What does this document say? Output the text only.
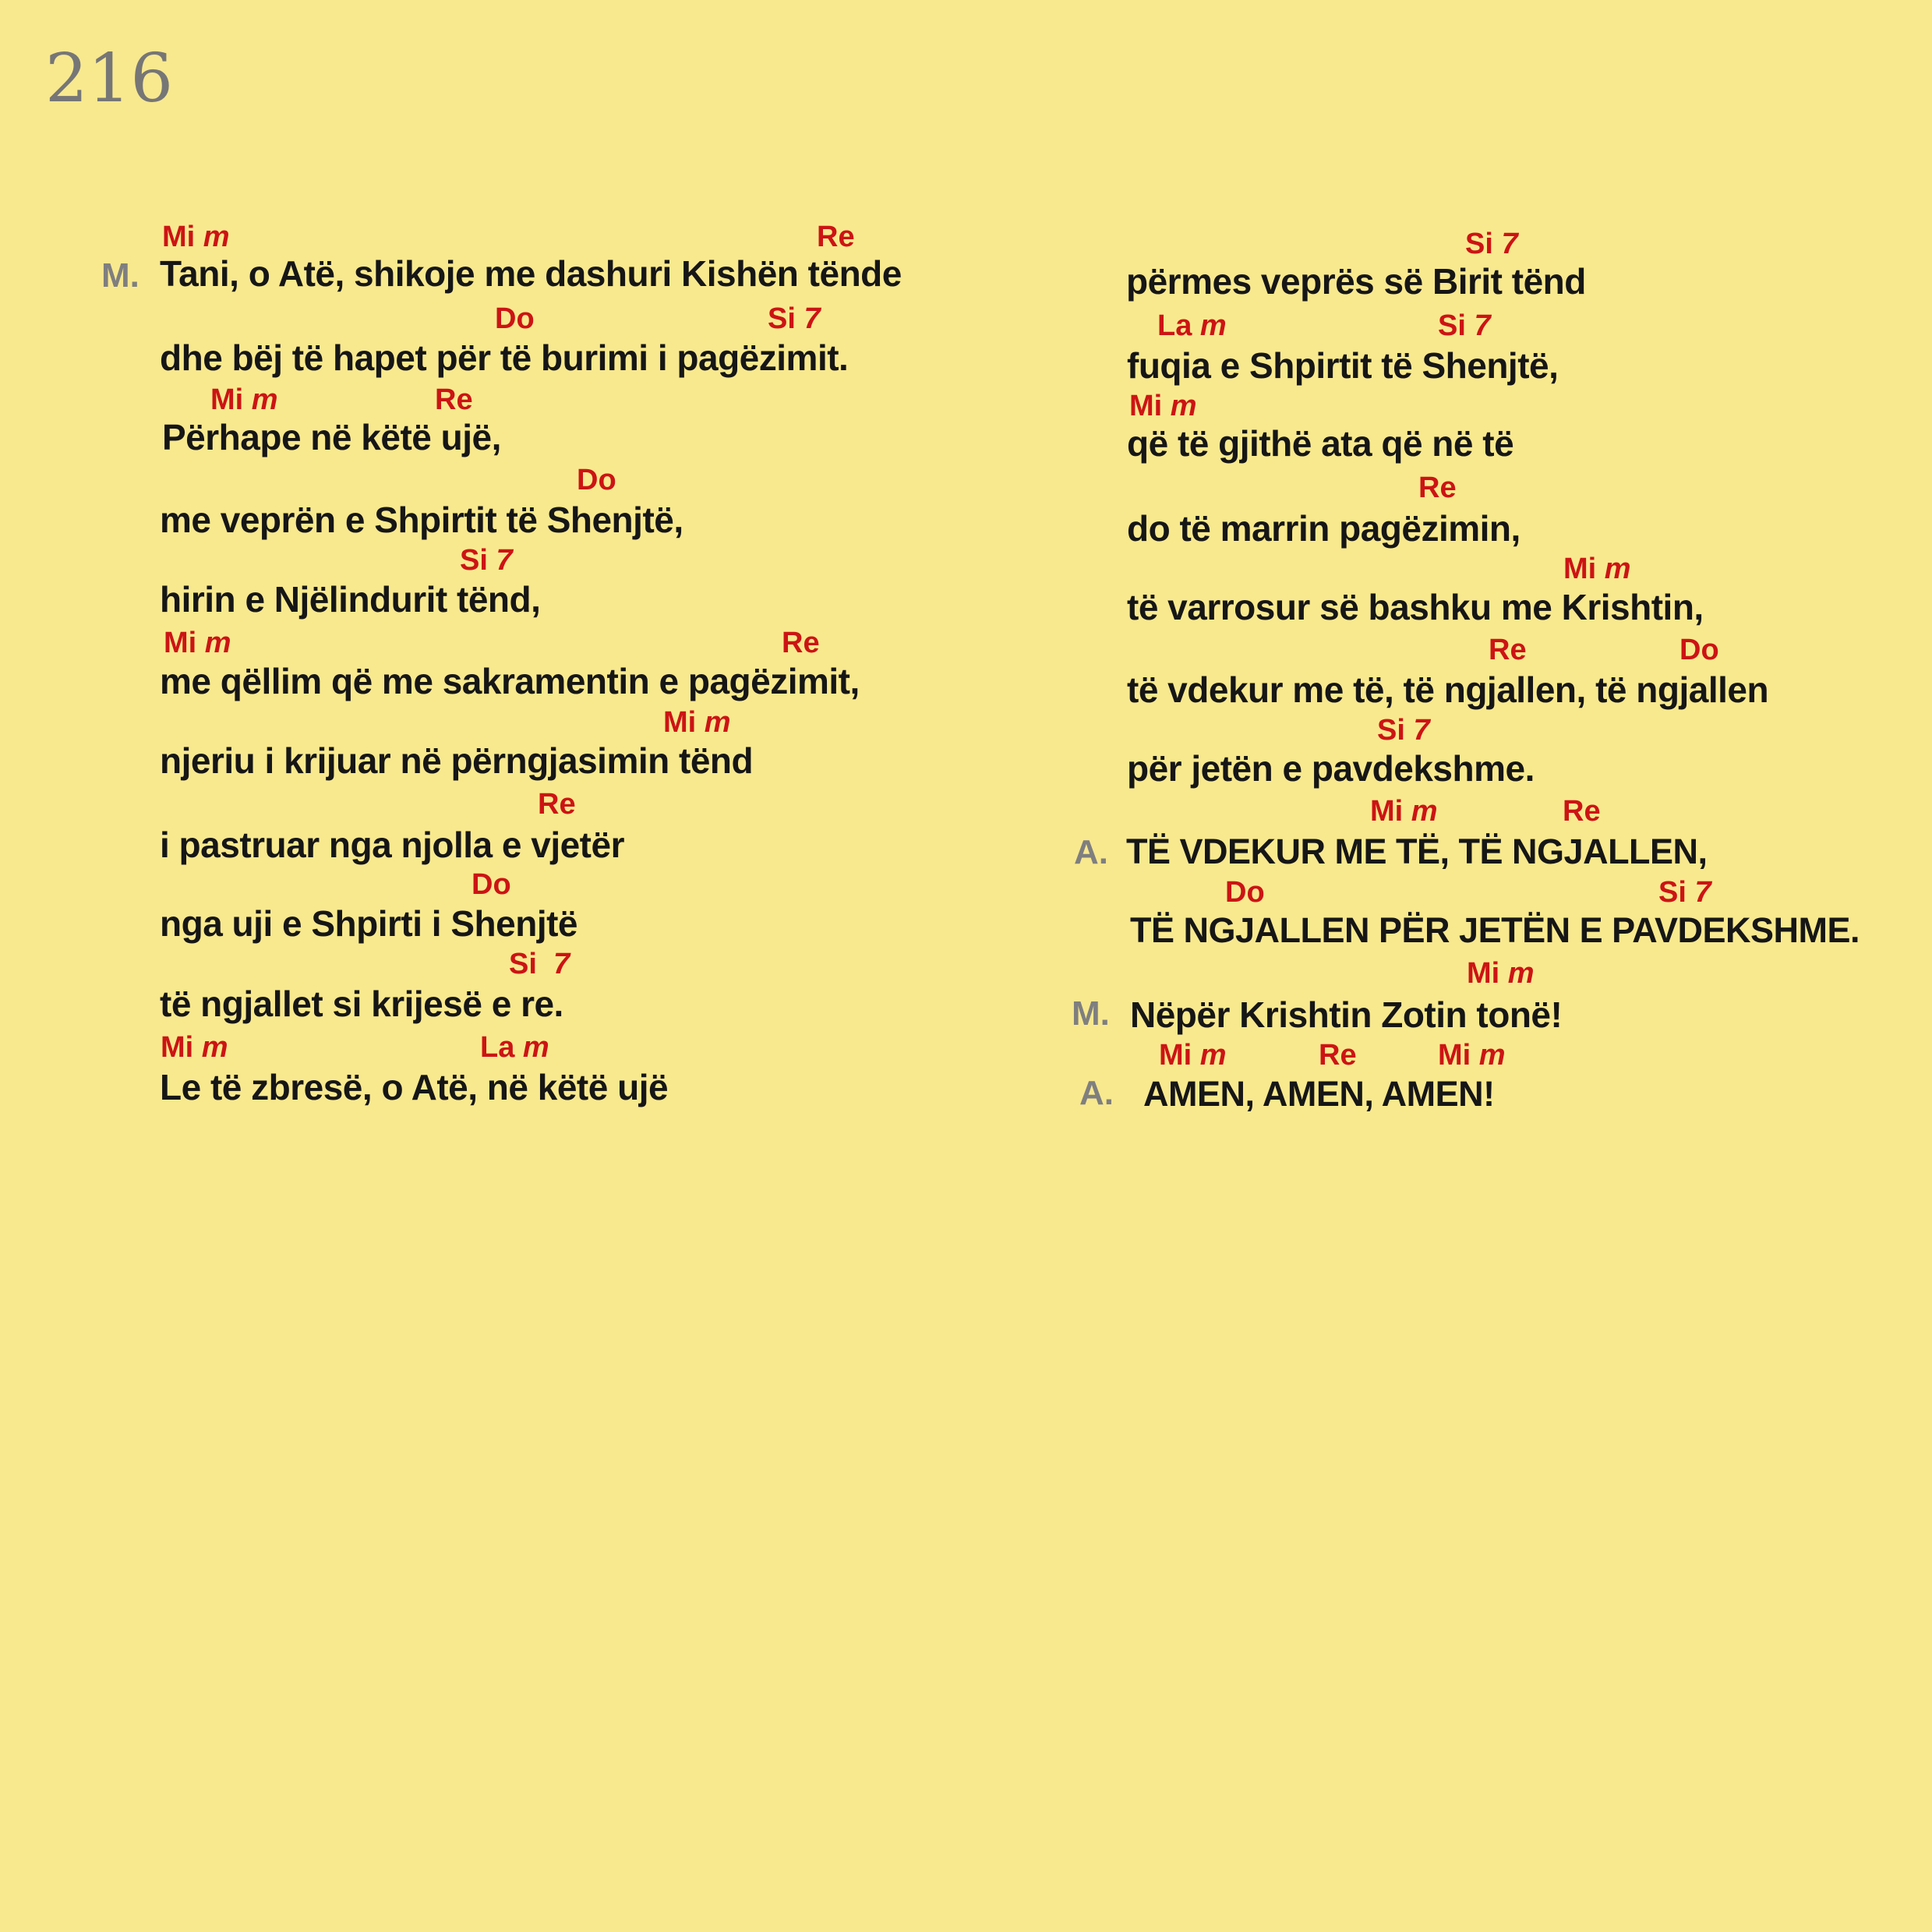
216
M.
Mi m	Re
Tani, o Atë, shikoje me dashuri Kishën tënde
Do	Si 7
dhe bëj të hapet për të burimi i pagëzimit.
Mi m	Re
Përhape në këtë ujë,
Do
me veprën e Shpirtit të Shenjtë,
Si 7
hirin e Njëlindurit tënd,
Mi m	Re
me qëllim që me sakramentin e pagëzimit,
Mi m
njeriu i krijuar në përngjasimin tënd
Re
i pastruar nga njolla e vjetër
Do
nga uji e Shpirti i Shenjtë
Si 7
të ngjallet si krijesë e re.
Mi m	La m
Le të zbresë, o Atë, në këtë ujë
Si 7
përmes veprës së Birit tënd
La m	Si 7
fuqia e Shpirtit të Shenjtë,
Mi m
që të gjithë ata që në të
Re
do të marrin pagëzimin,
Mi m
të varrosur së bashku me Krishtin,
Re	Do
të vdekur me të, të ngjallen, të ngjallen
Si 7
për jetën e pavdekshme.
A.
Mi m	Re
TË VDEKUR ME TË, TË NGJALLEN,
Do	Si 7
TË NGJALLEN PËR JETËN E PAVDEKSHME.
M.
Mi m
Nëpër Krishtin Zotin tonë!
A.
Mi m	Re	Mi m
AMEN, AMEN, AMEN!
